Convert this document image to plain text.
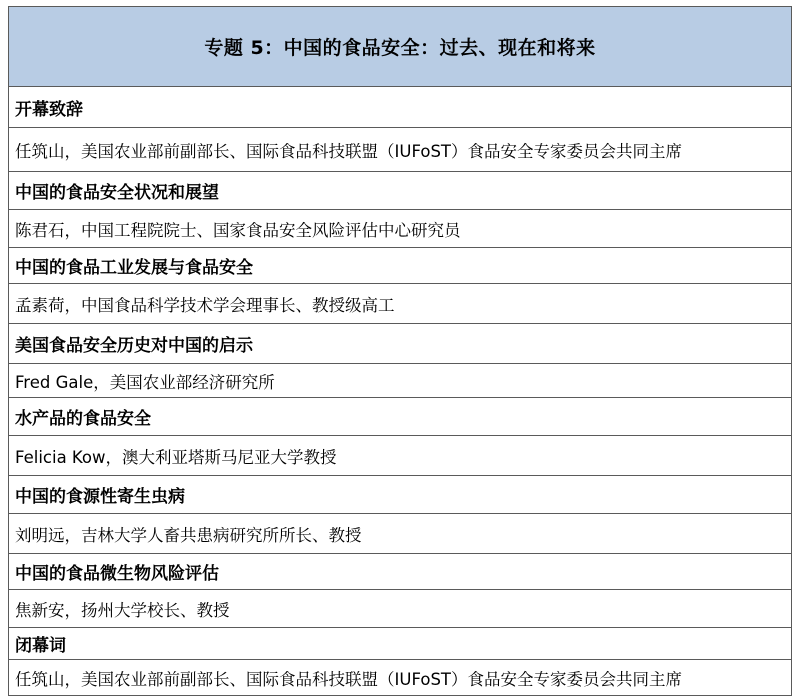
专题 5：中国的食品安全：过去、现在和将来
开幕致辞
任筑山，美国农业部前副部长、国际食品科技联盟（IUFoST）食品安全专家委员会共同主席
中国的食品安全状况和展望
陈君石，中国工程院院士、国家食品安全风险评估中心研究员
中国的食品工业发展与食品安全
孟素荷，中国食品科学技术学会理事长、教授级高工
美国食品安全历史对中国的启示
Fred Gale，美国农业部经济研究所
水产品的食品安全
Felicia Kow，澳大利亚塔斯马尼亚大学教授
中国的食源性寄生虫病
刘明远，吉林大学人畜共患病研究所所长、教授
中国的食品微生物风险评估
焦新安，扬州大学校长、教授
闭幕词
任筑山，美国农业部前副部长、国际食品科技联盟（IUFoST）食品安全专家委员会共同主席
